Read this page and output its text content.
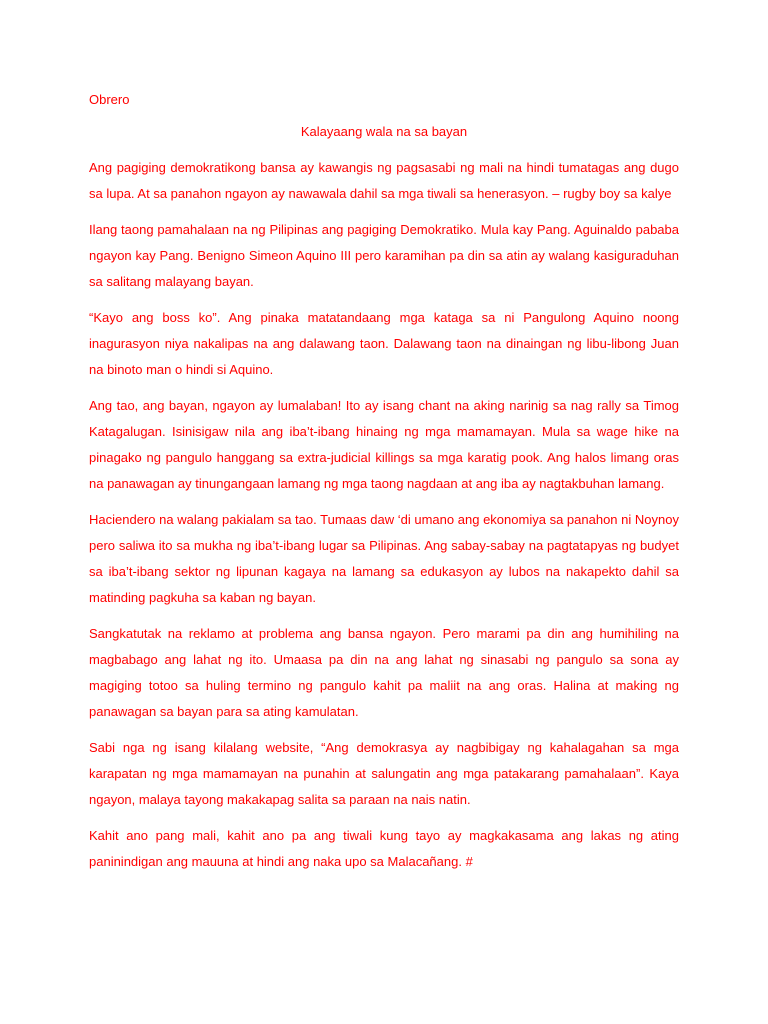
Obrero

Kalayaang wala na sa bayan

Ang pagiging demokratikong bansa ay kawangis ng pagsasabi ng mali na hindi tumatagas ang dugo sa lupa. At sa panahon ngayon ay nawawala dahil sa mga tiwali sa henerasyon. – rugby boy sa kalye

Ilang taong pamahalaan na ng Pilipinas ang pagiging Demokratiko. Mula kay Pang. Aguinaldo pababa ngayon kay Pang. Benigno Simeon Aquino III pero karamihan pa din sa atin ay walang kasiguraduhan sa salitang malayang bayan.

“Kayo ang boss ko”. Ang pinaka matatandaang mga kataga sa ni Pangulong Aquino noong inagurasyon niya nakalipas na ang dalawang taon. Dalawang taon na dinaingan ng libu-libong Juan na binoto man o hindi si Aquino.

Ang tao, ang bayan, ngayon ay lumalaban! Ito ay isang chant na aking narinig sa nag rally sa Timog Katagalugan. Isinisigaw nila ang iba’t-ibang hinaing ng mga mamamayan. Mula sa wage hike na pinagako ng pangulo hanggang sa extra-judicial killings sa mga karatig pook. Ang halos limang oras na panawagan ay tinungangaan lamang ng mga taong nagdaan at ang iba ay nagtakbuhan lamang.

Haciendero na walang pakialam sa tao. Tumaas daw ‘di umano ang ekonomiya sa panahon ni Noynoy pero saliwa ito sa mukha ng iba’t-ibang lugar sa Pilipinas. Ang sabay-sabay na pagtatapyas ng budyet sa iba’t-ibang sektor ng lipunan kagaya na lamang sa edukasyon ay lubos na nakapekto dahil sa matinding pagkuha sa kaban ng bayan.

Sangkatutak na reklamo at problema ang bansa ngayon. Pero marami pa din ang humihiling na magbabago ang lahat ng ito. Umaasa pa din na ang lahat ng sinasabi ng pangulo sa sona ay magiging totoo sa huling termino ng pangulo kahit pa maliit na ang oras. Halina at making ng panawagan sa bayan para sa ating kamulatan.

Sabi nga ng isang kilalang website, “Ang demokrasya ay nagbibigay ng kahalagahan sa mga karapatan ng mga mamamayan na punahin at salungatin ang mga patakarang pamahalaan”. Kaya ngayon, malaya tayong makakapag salita sa paraan na nais natin.

Kahit ano pang mali, kahit ano pa ang tiwali kung tayo ay magkakasama ang lakas ng ating paninindigan ang mauuna at hindi ang naka upo sa Malacañang. #
